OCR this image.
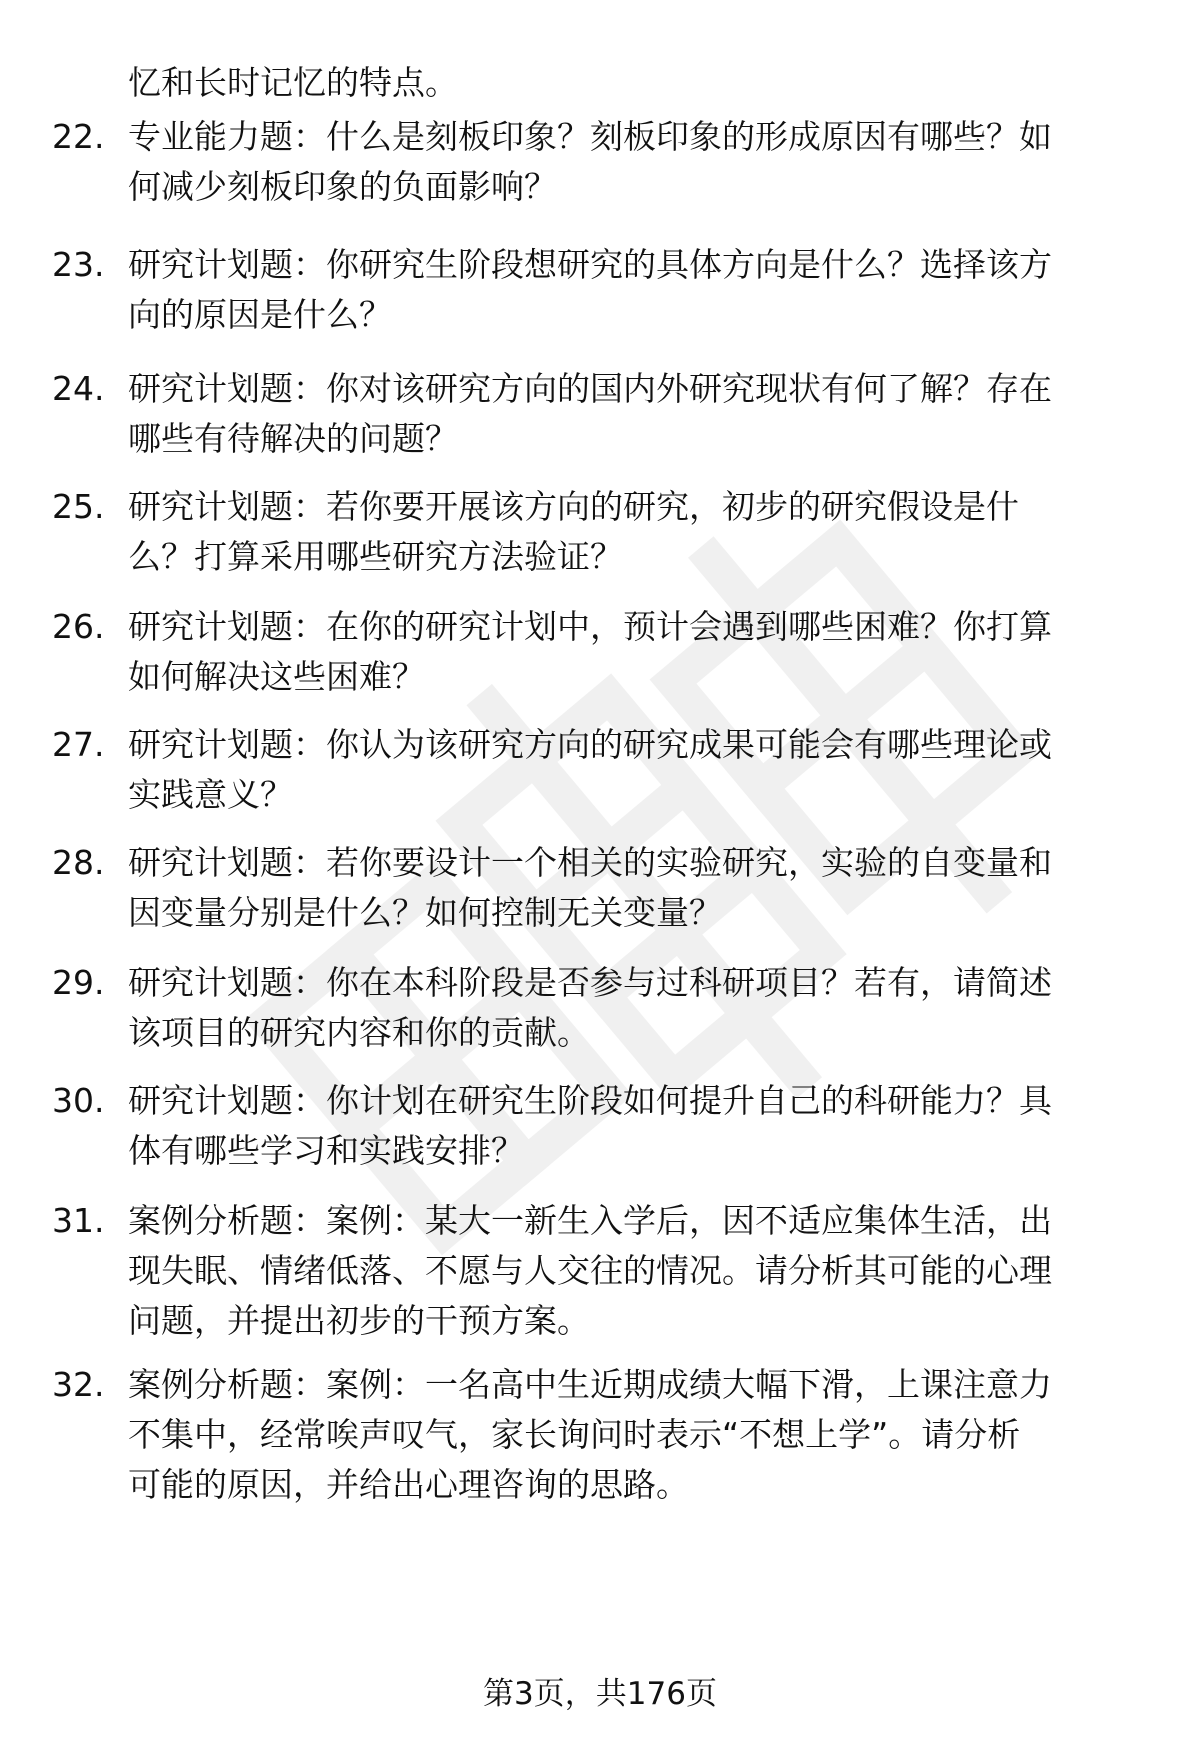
忆和长时记忆的特点。
22. 专业能力题：什么是刻板印象？刻板印象的形成原因有哪些？如
何减少刻板印象的负面影响？
23. 研究计划题：你研究生阶段想研究的具体方向是什么？选择该方
向的原因是什么？
24. 研究计划题：你对该研究方向的国内外研究现状有何了解？存在
哪些有待解决的问题？
25. 研究计划题：若你要开展该方向的研究，初步的研究假设是什
么？打算采用哪些研究方法验证？
26. 研究计划题：在你的研究计划中，预计会遇到哪些困难？你打算
如何解决这些困难？
27. 研究计划题：你认为该研究方向的研究成果可能会有哪些理论或
实践意义？
28. 研究计划题：若你要设计一个相关的实验研究，实验的自变量和
因变量分别是什么？如何控制无关变量？
29. 研究计划题：你在本科阶段是否参与过科研项目？若有，请简述
该项目的研究内容和你的贡献。
30. 研究计划题：你计划在研究生阶段如何提升自己的科研能力？具
体有哪些学习和实践安排？
31. 案例分析题：案例：某大一新生入学后，因不适应集体生活，出
现失眠、情绪低落、不愿与人交往的情况。请分析其可能的心理
问题，并提出初步的干预方案。
32. 案例分析题：案例：一名高中生近期成绩大幅下滑，上课注意力
不集中，经常唉声叹气，家长询问时表示“不想上学”。请分析
可能的原因，并给出心理咨询的思路。
第3页，共176页
